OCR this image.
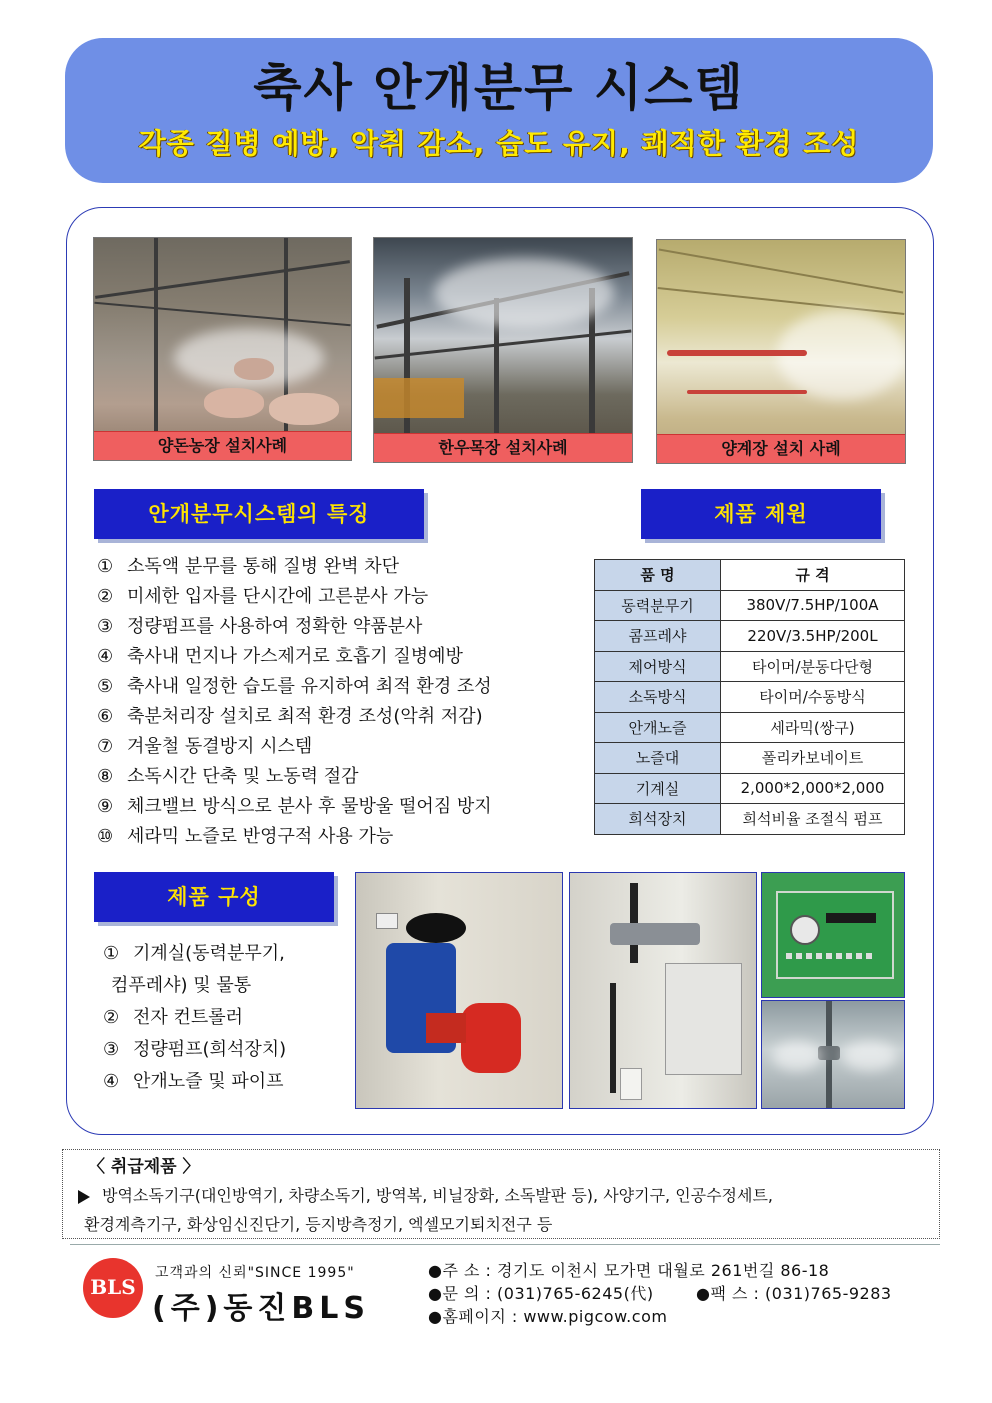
축사 안개분무 시스템
각종 질병 예방, 악취 감소, 습도 유지, 쾌적한 환경 조성
양돈농장 설치사례	한우목장 설치사례	양계장 설치 사례
안개분무시스템의 특징
① 소독액 분무를 통해 질병 완벽 차단
② 미세한 입자를 단시간에 고른분사 가능
③ 정량펌프를 사용하여 정확한 약품분사
④ 축사내 먼지나 가스제거로 호흡기 질병예방
⑤ 축사내 일정한 습도를 유지하여 최적 환경 조성
⑥ 축분처리장 설치로 최적 환경 조성(악취 저감)
⑦ 겨울철 동결방지 시스템
⑧ 소독시간 단축 및 노동력 절감
⑨ 체크밸브 방식으로 분사 후 물방울 떨어짐 방지
⑩ 세라믹 노즐로 반영구적 사용 가능
제품 제원
품 명	규 격
동력분무기	380V/7.5HP/100A
콤프레샤	220V/3.5HP/200L
제어방식	타이머/분동다단형
소독방식	타이머/수동방식
안개노즐	세라믹(쌍구)
노즐대	폴리카보네이트
기계실	2,000*2,000*2,000
희석장치	희석비율 조절식 펌프
제품 구성
① 기계실(동력분무기,
컴푸레샤) 및 물통
② 전자 컨트롤러
③ 정량펌프(희석장치)
④ 안개노즐 및 파이프
〈 취급제품 〉
방역소독기구(대인방역기, 차량소독기, 방역복, 비닐장화, 소독발판 등), 사양기구, 인공수정세트,
환경계측기구, 화상임신진단기, 등지방측정기, 엑셀모기퇴치전구 등
BLS
고객과의 신뢰"SINCE 1995"
(주)동진BLS
●주 소 : 경기도 이천시 모가면 대월로 261번길 86-18
●문 의 : (031)765-6245(代)	●팩 스 : (031)765-9283
●홈페이지 : www.pigcow.com
